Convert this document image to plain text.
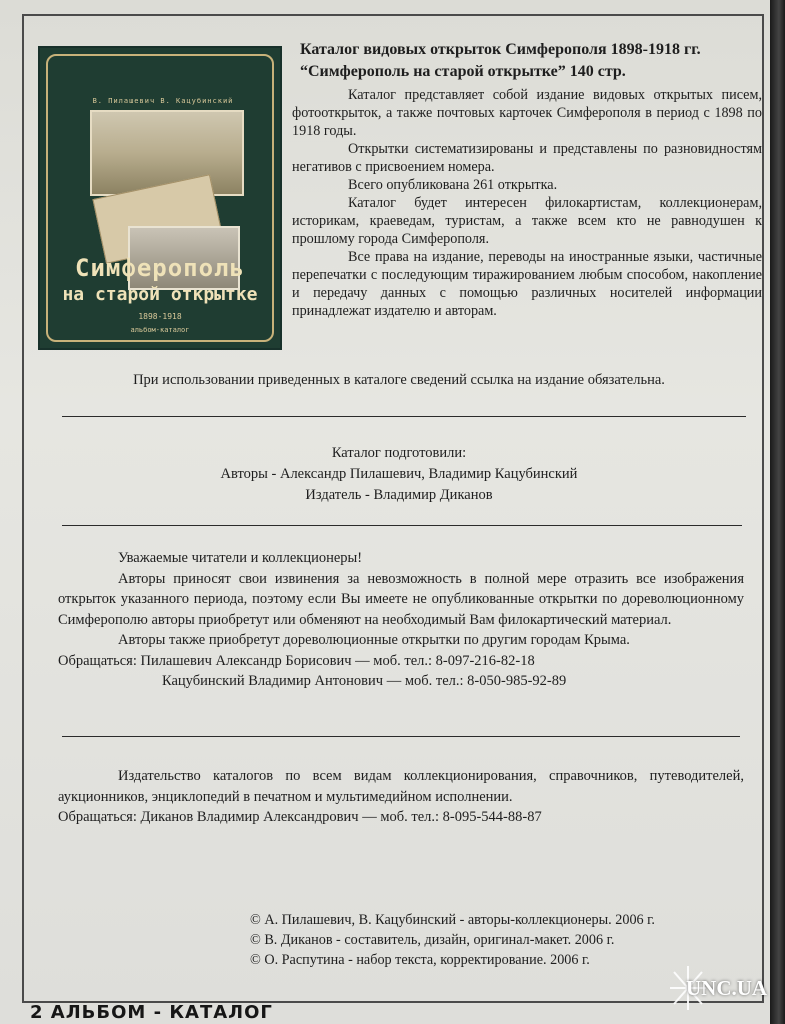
В. Пилашевич В. Кацубинский
Симферополь
на старой открытке
1898-1918
альбом-каталог
Каталог видовых открыток Симферополя 1898-1918 гг.
“Симферополь на старой открытке” 140 стр.

Каталог представляет собой издание видовых открытых писем, фотооткрыток, а также почтовых карточек Симферополя в период с 1898 по 1918 годы.

Открытки систематизированы и представлены по разновидностям негативов с присвоением номера.

Всего опубликована 261 открытка.

Каталог будет интересен филокартистам, коллекционерам, историкам, краеведам, туристам, а также всем кто не равнодушен к прошлому города Симферополя.

Все права на издание, переводы на иностранные языки, частичные перепечатки с последующим тиражированием любым способом, накопление и передачу данных с помощью различных носителей информации принадлежат издателю и авторам.

При использовании приведенных в каталоге сведений ссылка на издание обязательна.
Каталог подготовили:
Авторы - Александр Пилашевич, Владимир Кацубинский
Издатель - Владимир Диканов

Уважаемые читатели и коллекционеры!

Авторы приносят свои извинения за невозможность в полной мере отразить все изображения открыток указанного периода, поэтому если Вы имеете не опубликованные открытки по дореволюционному Симферополю авторы приобретут или обменяют на необходимый Вам филокартический материал.

Авторы также приобретут дореволюционные открытки по другим городам Крыма.

Обращаться: Пилашевич Александр Борисович — моб. тел.: 8-097-216-82-18

Кацубинский Владимир Антонович — моб. тел.: 8-050-985-92-89

Издательство каталогов по всем видам коллекционирования, справочников, путеводителей, аукционников, энциклопедий в печатном и мультимедийном исполнении.

Обращаться: Диканов Владимир Александрович — моб. тел.: 8-095-544-88-87

© А. Пилашевич, В. Кацубинский - авторы-коллекционеры. 2006 г.
© В. Диканов - составитель, дизайн, оригинал-макет. 2006 г.
© О. Распутина - набор текста, корректирование. 2006 г.
2 АЛЬБОМ - КАТАЛОГ
UNC.UA
